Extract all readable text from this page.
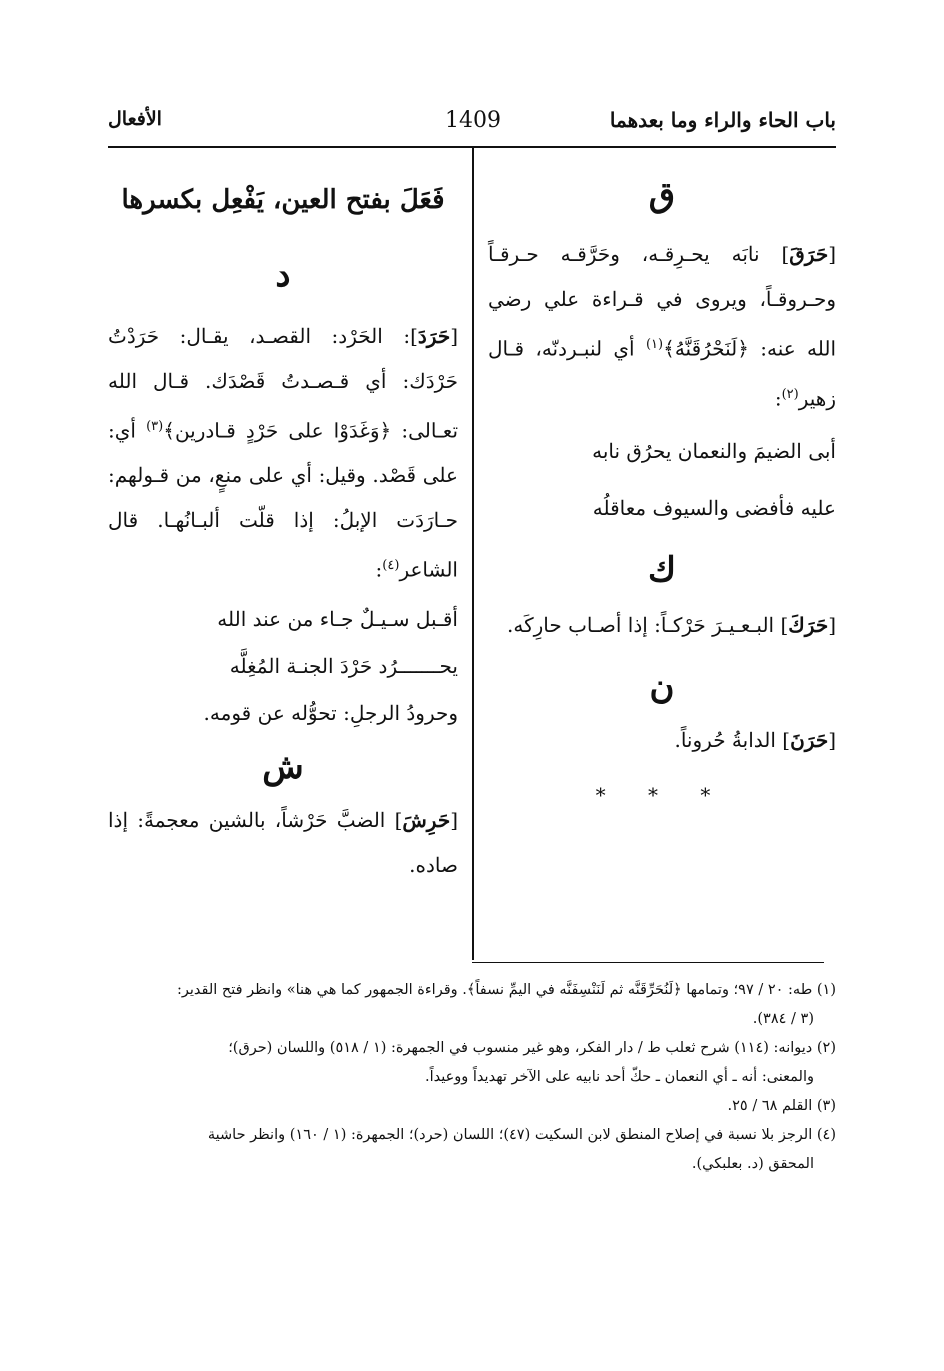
باب الحاء والراء وما بعدهما
1409
الأفعال

ق

[حَرَقَ] نابَه يحـرِقـه، وحَرَّقـه حـرقـاً وحـروقـاً، ويروى في قـراءة علي رضي الله عنه: ﴿لَنَحْرُقَنَّهُ﴾$^{(١)}$ أي لنبـردنّه، قـال زهير$^{(٢)}$:

أبى الضيمَ والنعمان يحرُق نابه

عليه فأفضى والسيوف معاقلُه

ك

[حَرَكَ] البـعـيـرَ حَرْكـاً: إذا أصـاب حارِكَه.

ن

[حَرَنَ] الدابةُ حُروناً.

* * *

فَعَلَ بفتح العين، يَفْعِل بكسرها

د

[حَرَدَ]: الحَرْد: القصـد، يقـال: حَرَدْتُ حَرْدَك: أي قـصـدتُ قَصْدَك. قـال الله تعـالى: ﴿وَغَدَوْا على حَرْدٍ قـادرين﴾$^{(٣)}$ أي: على قَصْد. وقيل: أي على منعٍ، من قـولهم: حـارَدَت الإبلُ: إذا قلّت ألبـانُهـا. قال الشاعر$^{(٤)}$:

أقـبل سـيـلٌ جـاء من عند الله

يحـــــــرُد حَرْدَ الجنـة المُغِلَّه

وحرودُ الرجلِ: تحوُّله عن قومه.

ش

[حَرِشَ] الضبَّ حَرْشاً، بالشين معجمةً: إذا صاده.

(١) طه: ٢٠ / ٩٧؛ وتمامها ﴿لَنُحَرِّقَنَّه ثم لَنَنْسِفَنَّه في اليمِّ نسفاً﴾. وقراءة الجمهور كما هي هنا» وانظر فتح القدير:
(٣ / ٣٨٤).

(٢) ديوانه: (١١٤) شرح ثعلب ط / دار الفكر، وهو غير منسوب في الجمهرة: (١ / ٥١٨) واللسان (حرق)؛
والمعنى: أنه ـ أي النعمان ـ حكّ أحد نابيه على الآخر تهديداً ووعيداً.

(٣) القلم ٦٨ / ٢٥.

(٤) الرجز بلا نسبة في إصلاح المنطق لابن السكيت (٤٧)؛ اللسان (حرد)؛ الجمهرة: (١ / ١٦٠) وانظر حاشية
المحقق (د. بعلبكي).
